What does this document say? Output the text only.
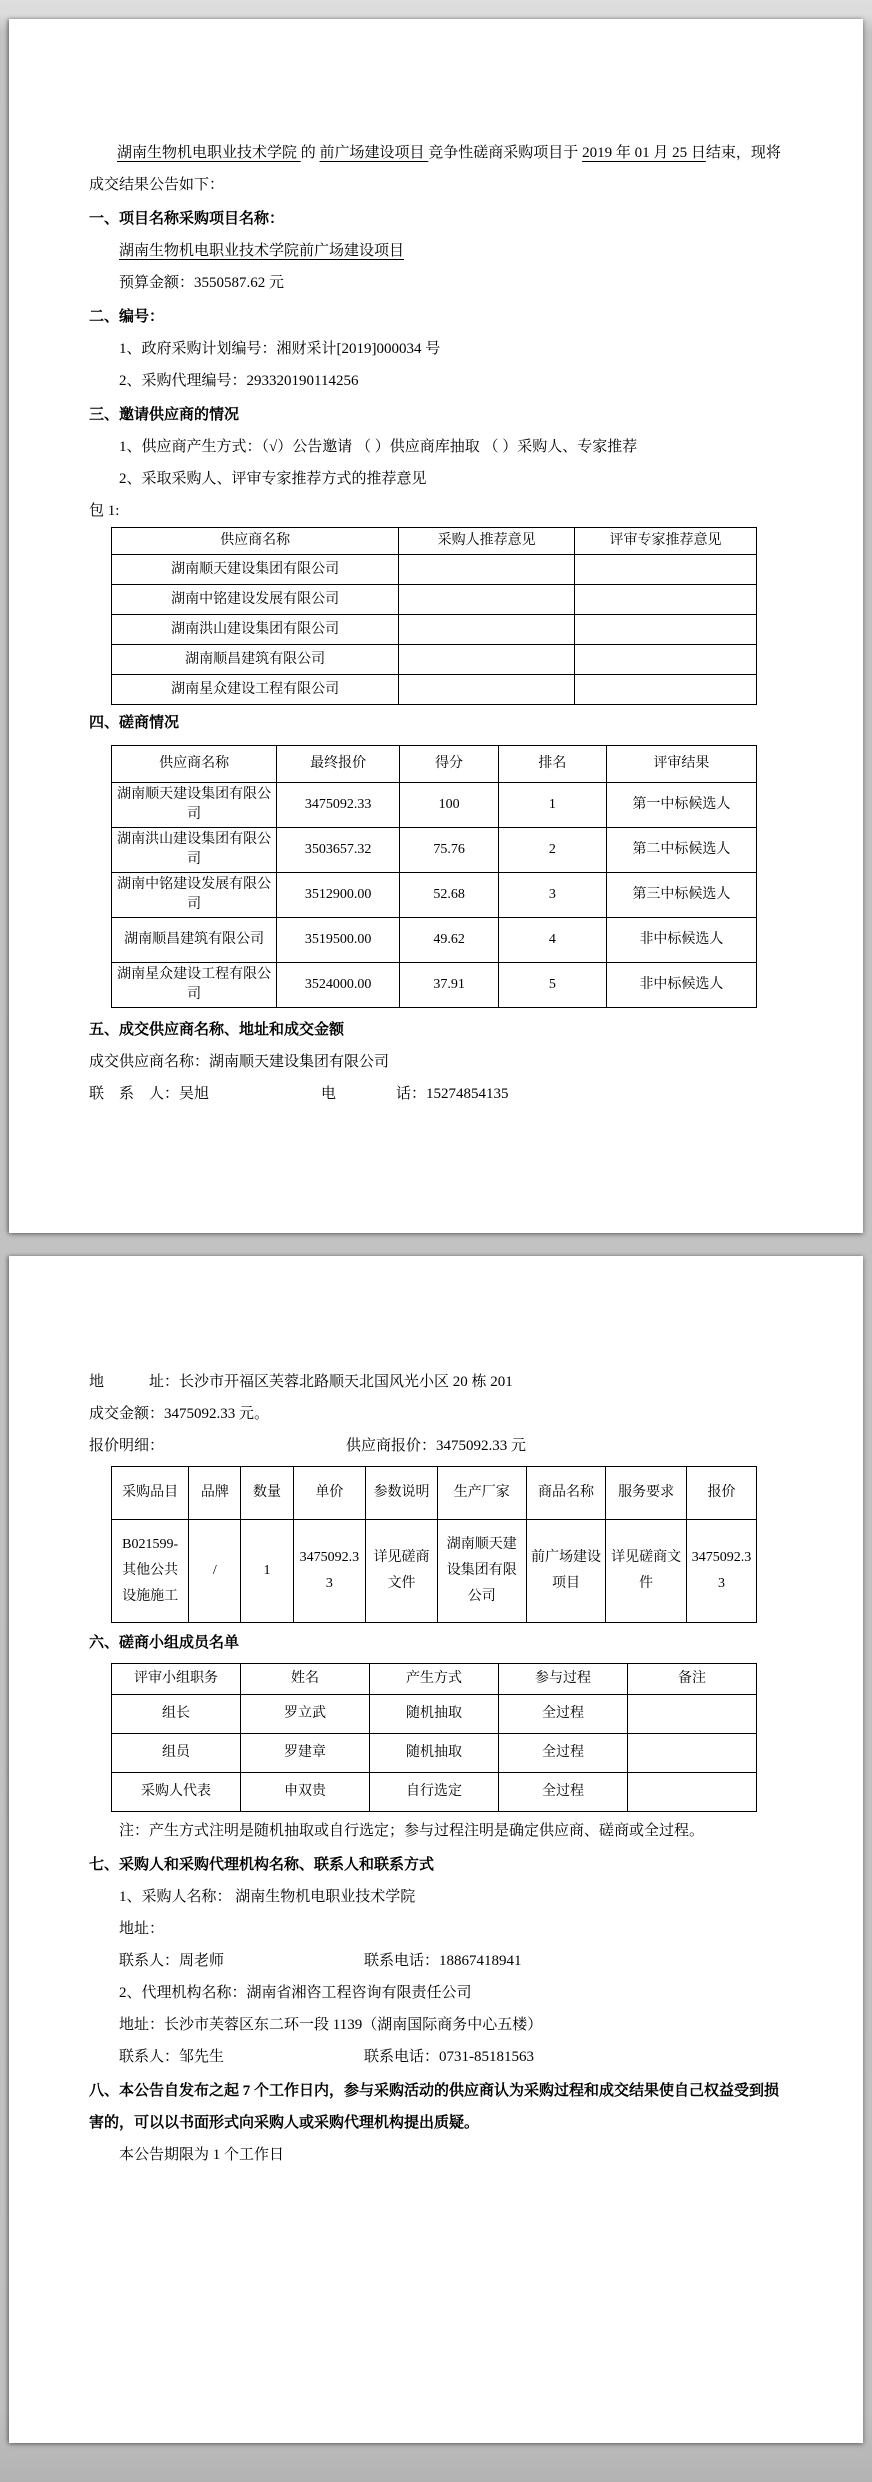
湖南生物机电职业技术学院 的 前广场建设项目 竞争性磋商采购项目于 2019 年 01 月 25 日结束，现将成交结果公告如下：

一、项目名称采购项目名称：

湖南生物机电职业技术学院前广场建设项目

预算金额：3550587.62 元

二、编号：

1、政府采购计划编号：湘财采计[2019]000034 号

2、采购代理编号：293320190114256

三、邀请供应商的情况

1、供应商产生方式：（√）公告邀请 （ ）供应商库抽取 （ ）采购人、专家推荐

2、采取采购人、评审专家推荐方式的推荐意见

包 1:

供应商名称	采购人推荐意见	评审专家推荐意见
湖南顺天建设集团有限公司		
湖南中铭建设发展有限公司		
湖南洪山建设集团有限公司		
湖南顺昌建筑有限公司		
湖南星众建设工程有限公司		

四、磋商情况

供应商名称	最终报价	得分	排名	评审结果
湖南顺天建设集团有限公司	3475092.33	100	1	第一中标候选人
湖南洪山建设集团有限公司	3503657.32	75.76	2	第二中标候选人
湖南中铭建设发展有限公司	3512900.00	52.68	3	第三中标候选人
湖南顺昌建筑有限公司	3519500.00	49.62	4	非中标候选人
湖南星众建设工程有限公司	3524000.00	37.91	5	非中标候选人

五、成交供应商名称、地址和成交金额

成交供应商名称：湖南顺天建设集团有限公司

联　系　人：吴旭	电　　　　话：15274854135

地　　　址：长沙市开福区芙蓉北路顺天北国风光小区 20 栋 201

成交金额：3475092.33 元。

报价明细：	供应商报价：3475092.33 元

采购品目	品牌	数量	单价	参数说明	生产厂家	商品名称	服务要求	报价
B021599-其他公共设施施工	/	1	3475092.33	详见磋商文件	湖南顺天建设集团有限公司	前广场建设项目	详见磋商文件	3475092.33

六、磋商小组成员名单

评审小组职务	姓名	产生方式	参与过程	备注
组长	罗立武	随机抽取	全过程	
组员	罗建章	随机抽取	全过程	
采购人代表	申双贵	自行选定	全过程	

注：产生方式注明是随机抽取或自行选定；参与过程注明是确定供应商、磋商或全过程。

七、采购人和采购代理机构名称、联系人和联系方式

1、采购人名称： 湖南生物机电职业技术学院

地址：

联系人：周老师	联系电话：18867418941

2、代理机构名称：湖南省湘咨工程咨询有限责任公司

地址：长沙市芙蓉区东二环一段 1139（湖南国际商务中心五楼）

联系人：邹先生	联系电话：0731-85181563

八、本公告自发布之起 7 个工作日内，参与采购活动的供应商认为采购过程和成交结果使自己权益受到损害的，可以以书面形式向采购人或采购代理机构提出质疑。

本公告期限为 1 个工作日
